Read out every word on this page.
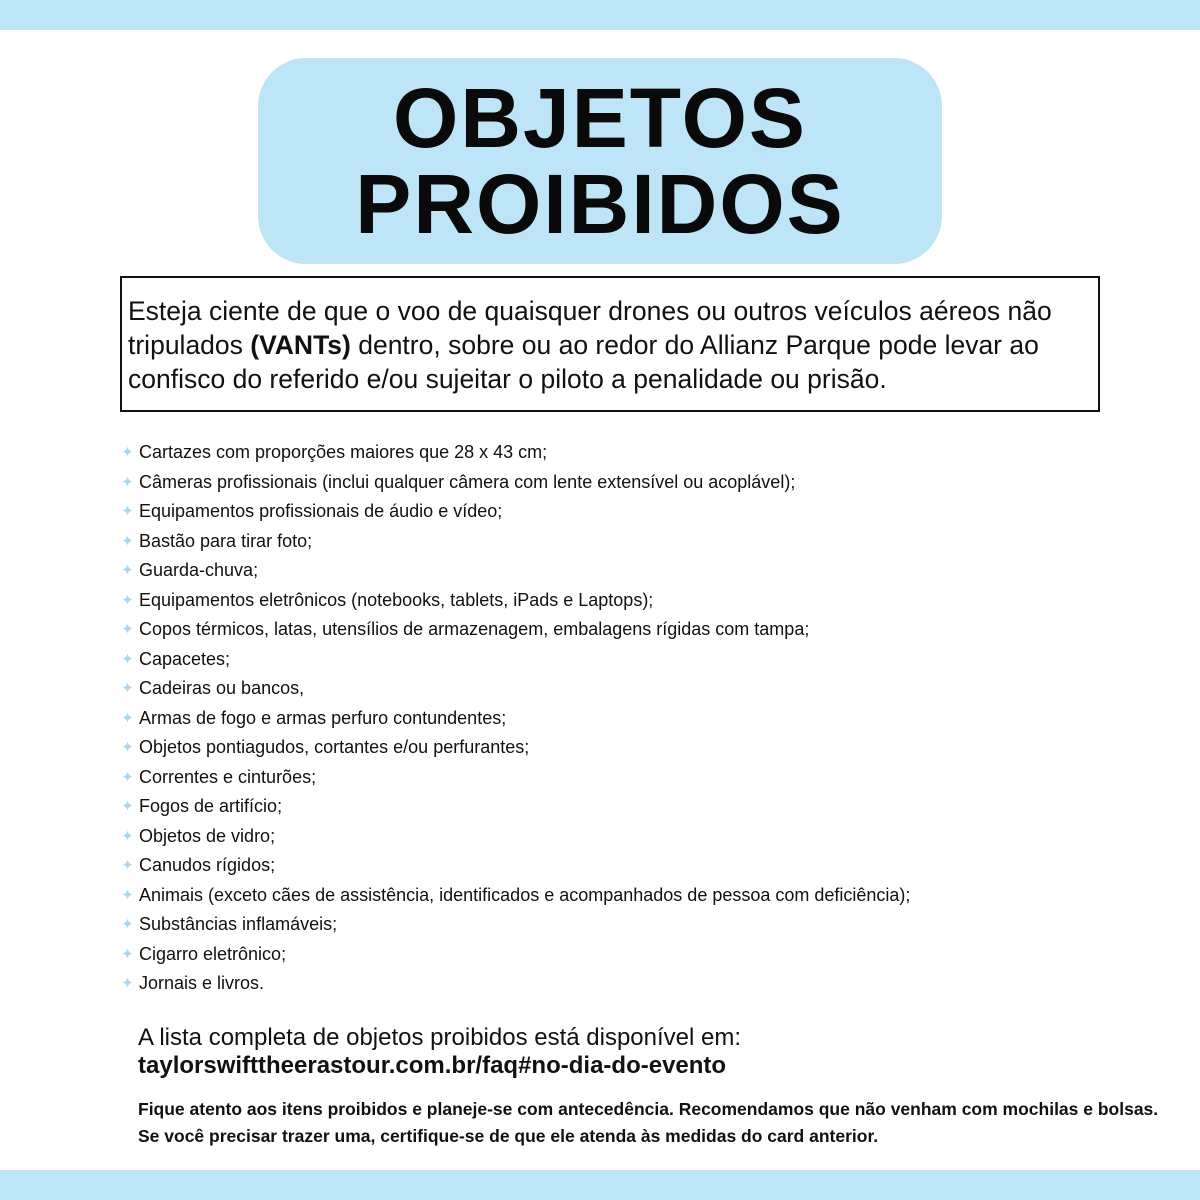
OBJETOS
PROIBIDOS
Esteja ciente de que o voo de quaisquer drones ou outros veículos aéreos não tripulados (VANTs) dentro, sobre ou ao redor do Allianz Parque pode levar ao confisco do referido e/ou sujeitar o piloto a penalidade ou prisão.
✦ Cartazes com proporções maiores que 28 x 43 cm;
✦ Câmeras profissionais (inclui qualquer câmera com lente extensível ou acoplável);
✦ Equipamentos profissionais de áudio e vídeo;
✦ Bastão para tirar foto;
✦ Guarda-chuva;
✦ Equipamentos eletrônicos (notebooks, tablets, iPads e Laptops);
✦ Copos térmicos, latas, utensílios de armazenagem, embalagens rígidas com tampa;
✦ Capacetes;
✦ Cadeiras ou bancos,
✦ Armas de fogo e armas perfuro contundentes;
✦ Objetos pontiagudos, cortantes e/ou perfurantes;
✦ Correntes e cinturões;
✦ Fogos de artifício;
✦ Objetos de vidro;
✦ Canudos rígidos;
✦ Animais (exceto cães de assistência, identificados e acompanhados de pessoa com deficiência);
✦ Substâncias inflamáveis;
✦ Cigarro eletrônico;
✦ Jornais e livros.
A lista completa de objetos proibidos está disponível em:
taylorswifttheerastour.com.br/faq#no-dia-do-evento
Fique atento aos itens proibidos e planeje-se com antecedência. Recomendamos que não venham com mochilas e bolsas. Se você precisar trazer uma, certifique-se de que ele atenda às medidas do card anterior.
